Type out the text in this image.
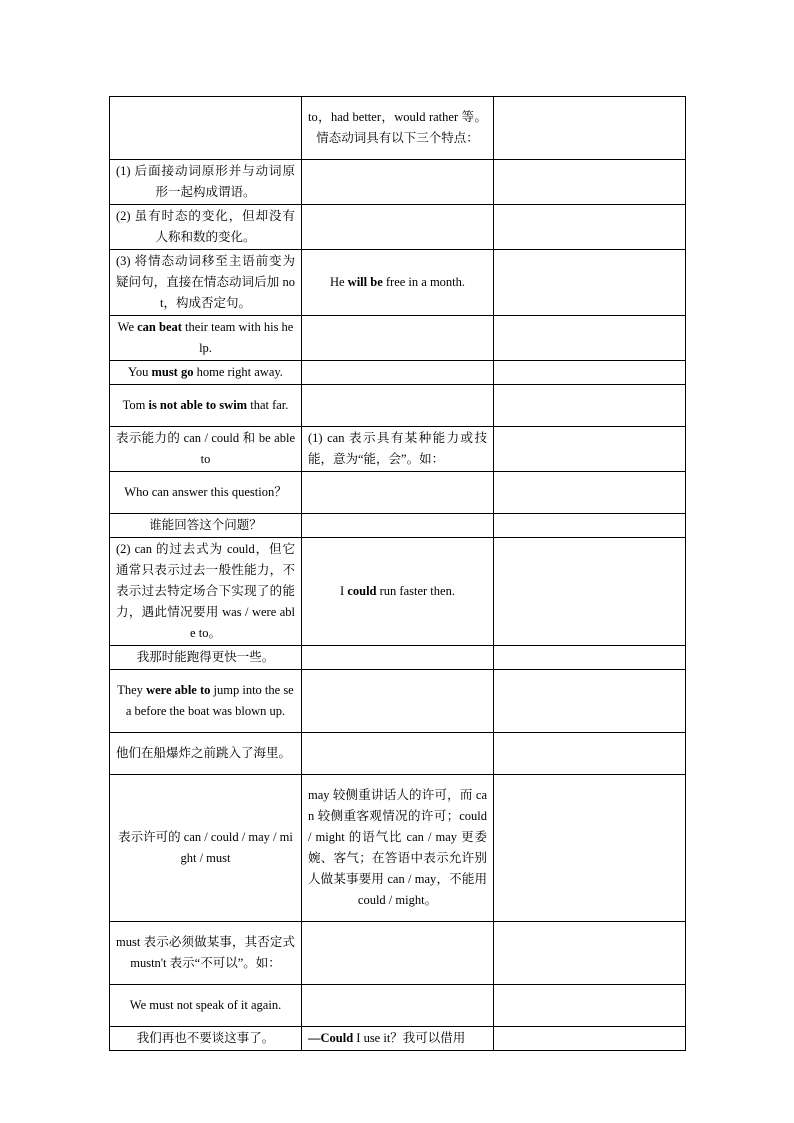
	to，had better，would rather 等。情态动词具有以下三个特点：	
(1) 后面接动词原形并与动词原形一起构成谓语。		
(2) 虽有时态的变化，但却没有人称和数的变化。		
(3) 将情态动词移至主语前变为疑问句，直接在情态动词后加 not，构成否定句。	He will be free in a month.	
We can beat their team with his help.		
You must go home right away.		
Tom is not able to swim that far.		
表示能力的 can / could 和 be able to	(1) can 表示具有某种能力或技能，意为“能，会”。如：	
Who can answer this question？		
谁能回答这个问题？		
(2) can 的过去式为 could，但它通常只表示过去一般性能力，不表示过去特定场合下实现了的能力，遇此情况要用 was / were able to。	I could run faster then.	
我那时能跑得更快一些。		
They were able to jump into the sea before the boat was blown up.		
他们在船爆炸之前跳入了海里。		
表示许可的 can / could / may / might / must	may 较侧重讲话人的许可，而 can 较侧重客观情况的许可；could / might 的语气比 can / may 更委婉、客气；在答语中表示允许别人做某事要用 can / may，不能用 could / might。	
must 表示必须做某事，其否定式 mustn't 表示“不可以”。如：		
We must not speak of it again.		
我们再也不要谈这事了。	—Could I use it？我可以借用	
